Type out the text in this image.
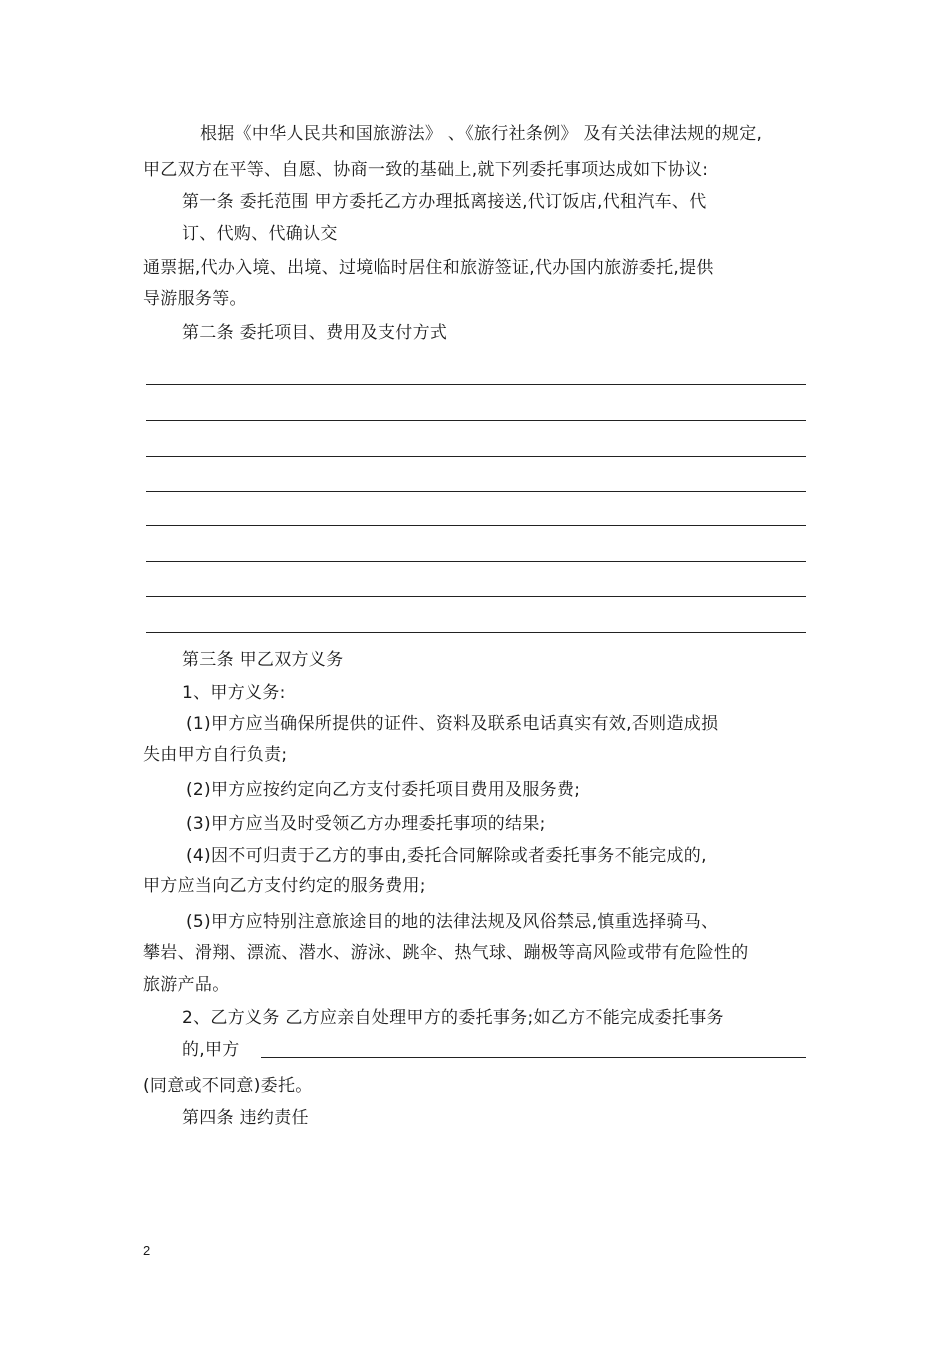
根据《中华人民共和国旅游法》 、《旅行社条例》 及有关法律法规的规定,
甲乙双方在平等、自愿、协商一致的基础上,就下列委托事项达成如下协议:
第一条 委托范围 甲方委托乙方办理抵离接送,代订饭店,代租汽车、代
订、代购、代确认交
通票据,代办入境、出境、过境临时居住和旅游签证,代办国内旅游委托,提供
导游服务等。
第二条 委托项目、费用及支付方式
第三条 甲乙双方义务
1、甲方义务:
(1)甲方应当确保所提供的证件、资料及联系电话真实有效,否则造成损
失由甲方自行负责;
(2)甲方应按约定向乙方支付委托项目费用及服务费;
(3)甲方应当及时受领乙方办理委托事项的结果;
(4)因不可归责于乙方的事由,委托合同解除或者委托事务不能完成的,
甲方应当向乙方支付约定的服务费用;
(5)甲方应特别注意旅途目的地的法律法规及风俗禁忌,慎重选择骑马、
攀岩、滑翔、漂流、潜水、游泳、跳伞、热气球、蹦极等高风险或带有危险性的
旅游产品。
2、乙方义务 乙方应亲自处理甲方的委托事务;如乙方不能完成委托事务
的,甲方
(同意或不同意)委托。
第四条 违约责任
2
